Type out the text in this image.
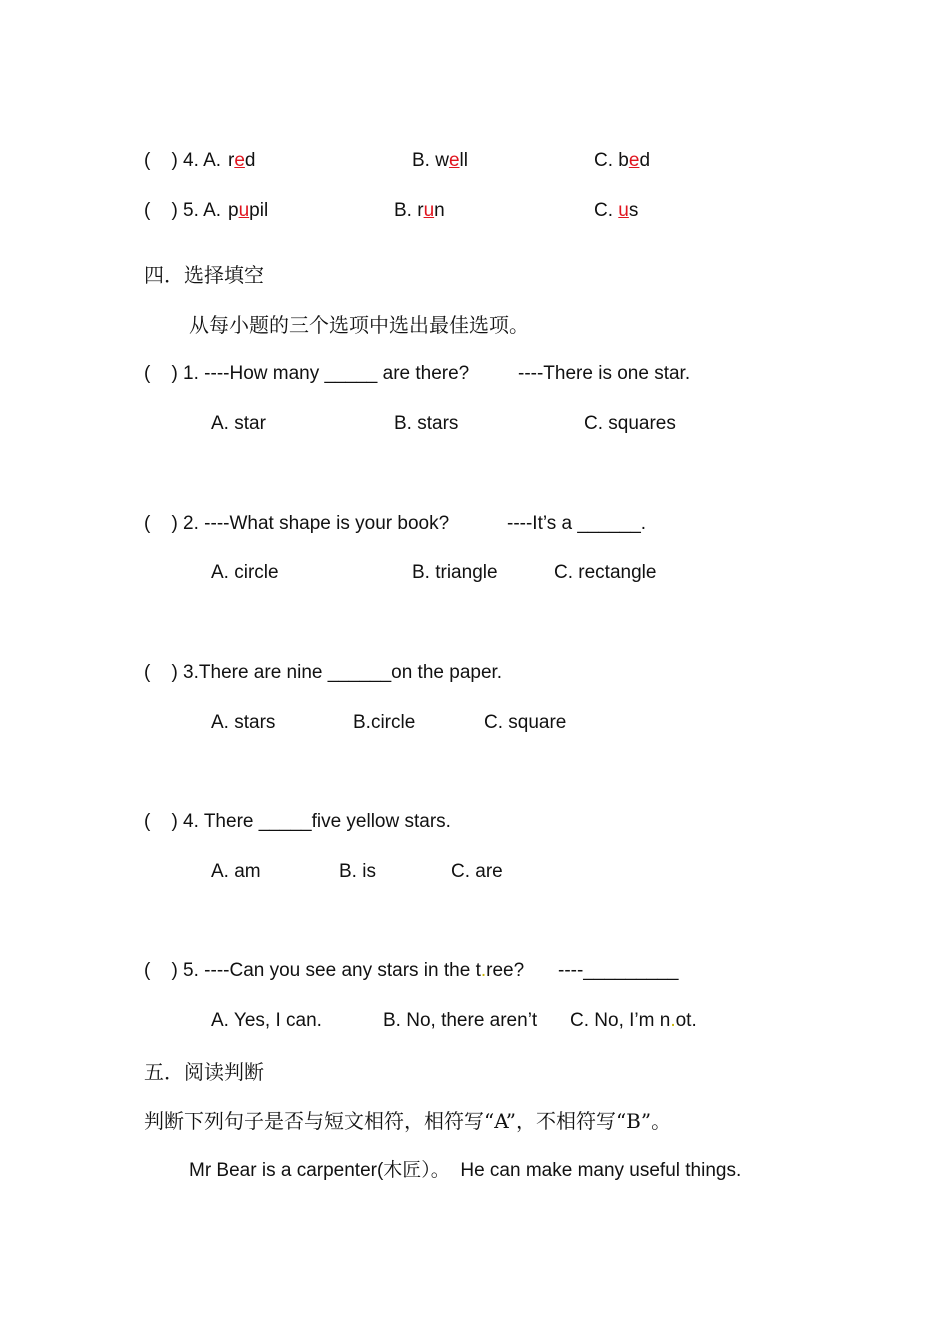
(    ) 4. A. red	B. well	C. bed
(    ) 5. A. pupil	B. run	C. us
四．选择填空
从每小题的三个选项中选出最佳选项。
(    ) 1. ----How many _____ are there?	----There is one star.
A. star	B. stars	C. squares
(    ) 2. ----What shape is your book?	----It’s a ______.
A. circle	B. triangle	C. rectangle
(    ) 3.There are nine ______on the paper.
A. stars	B.circle	C. square
(    ) 4. There _____five yellow stars.
A. am	B. is	C. are
(    ) 5. ----Can you see any stars in the t.ree? ----_________
A. Yes, I can.	B. No, there aren’t C. No, I’m n.ot.
五．阅读判断
判断下列句子是否与短文相符，相符写“A”，不相符写“B”。
Mr Bear is a carpenter(木匠）。  He can make many useful things.
